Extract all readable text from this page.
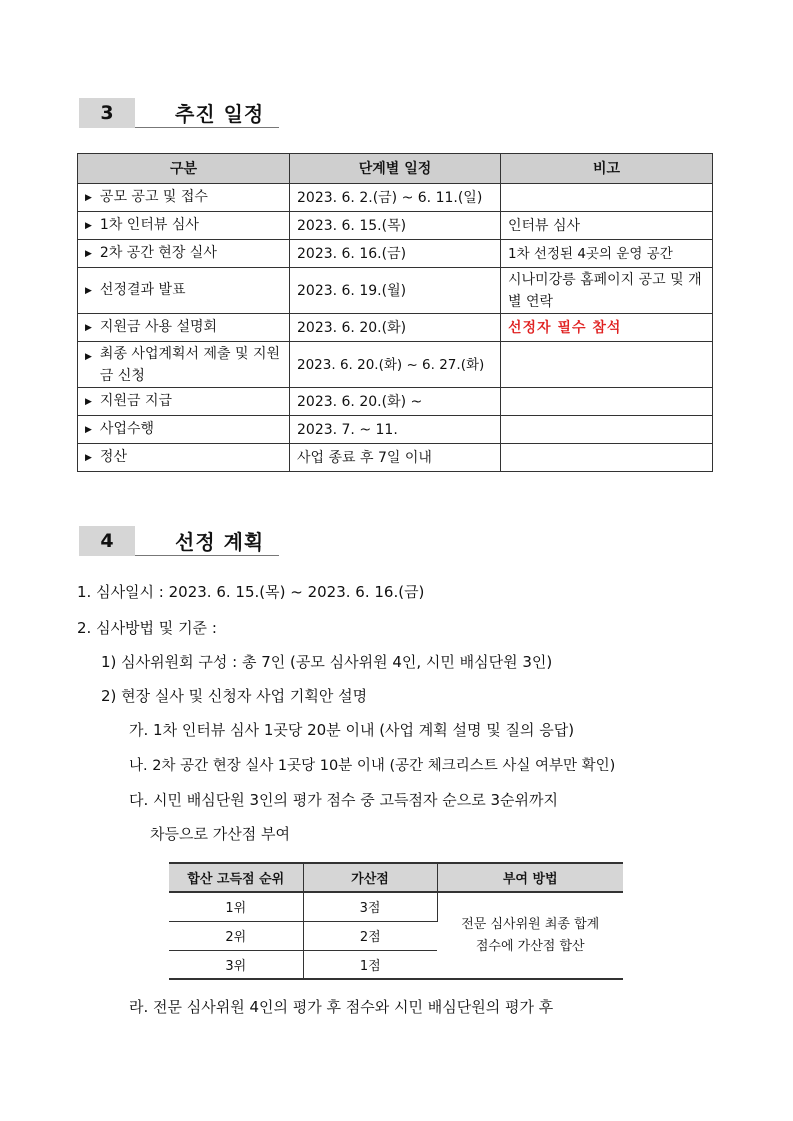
3	추진 일정
구분	단계별 일정	비고
▶ 공모 공고 및 접수	2023. 6. 2.(금) ~ 6. 11.(일)	
▶ 1차 인터뷰 심사	2023. 6. 15.(목)	인터뷰 심사
▶ 2차 공간 현장 실사	2023. 6. 16.(금)	1차 선정된 4곳의 운영 공간
▶ 선정결과 발표	2023. 6. 19.(월)	시나미강릉 홈페이지 공고 및 개별 연락
▶ 지원금 사용 설명회	2023. 6. 20.(화)	선정자 필수 참석

▶ 최종 사업계획서 제출 및 지원금 신청	2023. 6. 20.(화) ~ 6. 27.(화)	
▶ 지원금 지급	2023. 6. 20.(화) ~	
▶ 사업수행	2023. 7. ~ 11.	
▶ 정산	사업 종료 후 7일 이내	
4	선정 계획
1. 심사일시 : 2023. 6. 15.(목) ~ 2023. 6. 16.(금)
2. 심사방법 및 기준 :
1) 심사위원회 구성 : 총 7인 (공모 심사위원 4인, 시민 배심단원 3인)
2) 현장 실사 및 신청자 사업 기획안 설명
가. 1차 인터뷰 심사 1곳당 20분 이내 (사업 계획 설명 및 질의 응답)
나. 2차 공간 현장 실사 1곳당 10분 이내 (공간 체크리스트 사실 여부만 확인)
다. 시민 배심단원 3인의 평가 점수 중 고득점자 순으로 3순위까지
차등으로 가산점 부여
합산 고득점 순위	가산점	부여 방법
1위	3점	전문 심사위원 최종 합계
점수에 가산점 합산

2위	2점	
3위	1점	
라. 전문 심사위원 4인의 평가 후 점수와 시민 배심단원의 평가 후
